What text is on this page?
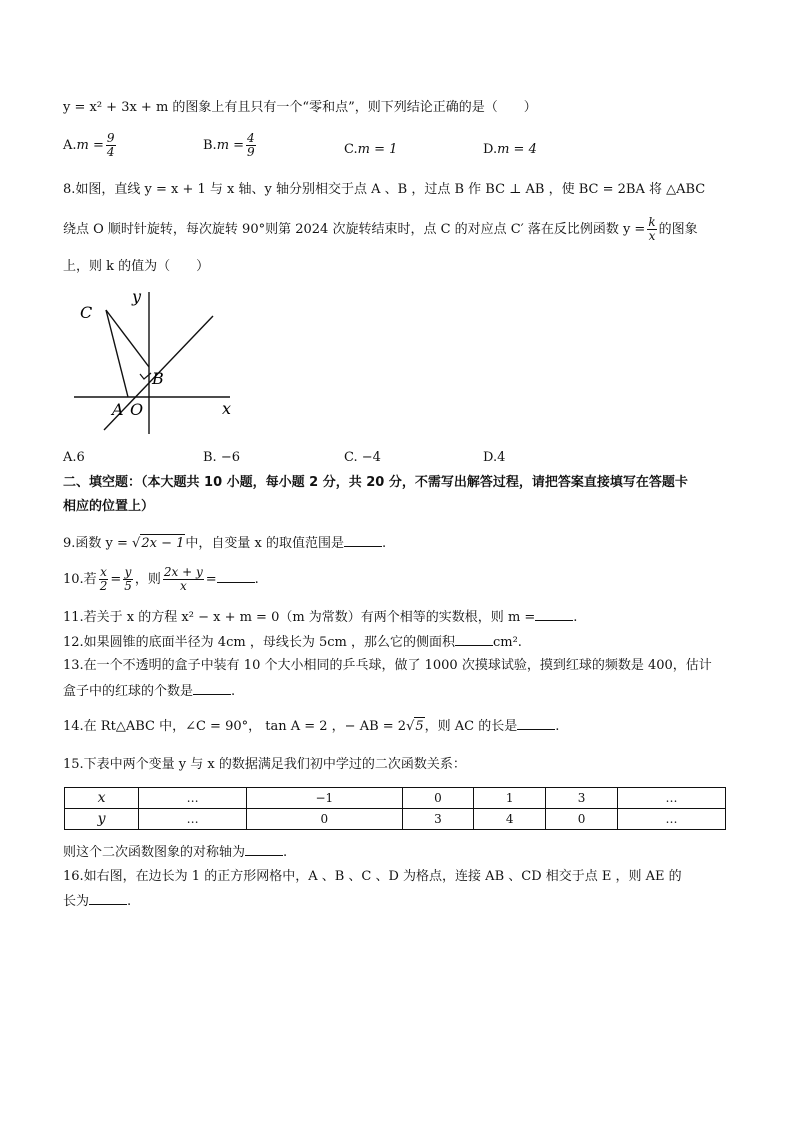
y = x² + 3x + m 的图象上有且只有一个“零和点”，则下列结论正确的是（　　）
$A.m = \frac{9}{4}$	$B.m = \frac{4}{9}$	C.m = 1	D.m = 4
8.如图，直线 y = x + 1 与 x 轴、y 轴分别相交于点 A 、B ，过点 B 作 BC ⊥ AB ，使 BC = 2BA 将 △ABC
绕点 O 顺时针旋转，每次旋转 90°则第 2024 次旋转结束时，点 C 的对应点 C′ 落在反比例函数 $y = \frac{k}{x}$ 的图象
上，则 k 的值为（　　）
C
y
B
A O	x
A.6	B. −6	C. −4	D.4
二、填空题：（本大题共 10 小题，每小题 2 分，共 20 分，不需写出解答过程，请把答案直接填写在答题卡
相应的位置上）
9.函数 y = √2x − 1中，自变量 x 的取值范围是	.
10.若 $\frac{x}{2} = \frac{y}{5}$ ，则 $\frac{2x + y}{x}$ =	.
11.若关于 x 的方程 x² − x + m = 0（m 为常数）有两个相等的实数根，则 m =	.
12.如果圆锥的底面半径为 4cm ，母线长为 5cm ，那么它的侧面积	cm².
13.在一个不透明的盒子中装有 10 个大小相同的乒乓球，做了 1000 次摸球试验，摸到红球的频数是 400，估计
盒子中的红球的个数是	.
14.在 Rt△ABC 中，∠C = 90°， tan A = 2 ，− AB = 2√5，则 AC 的长是	.
15.下表中两个变量 y 与 x 的数据满足我们初中学过的二次函数关系：
x	…	−1	0	1	3	…
y	…	0	3	4	0	…
则这个二次函数图象的对称轴为	.
16.如右图，在边长为 1 的正方形网格中，A 、B 、C 、D 为格点，连接 AB 、CD 相交于点 E ，则 AE 的
长为	.
